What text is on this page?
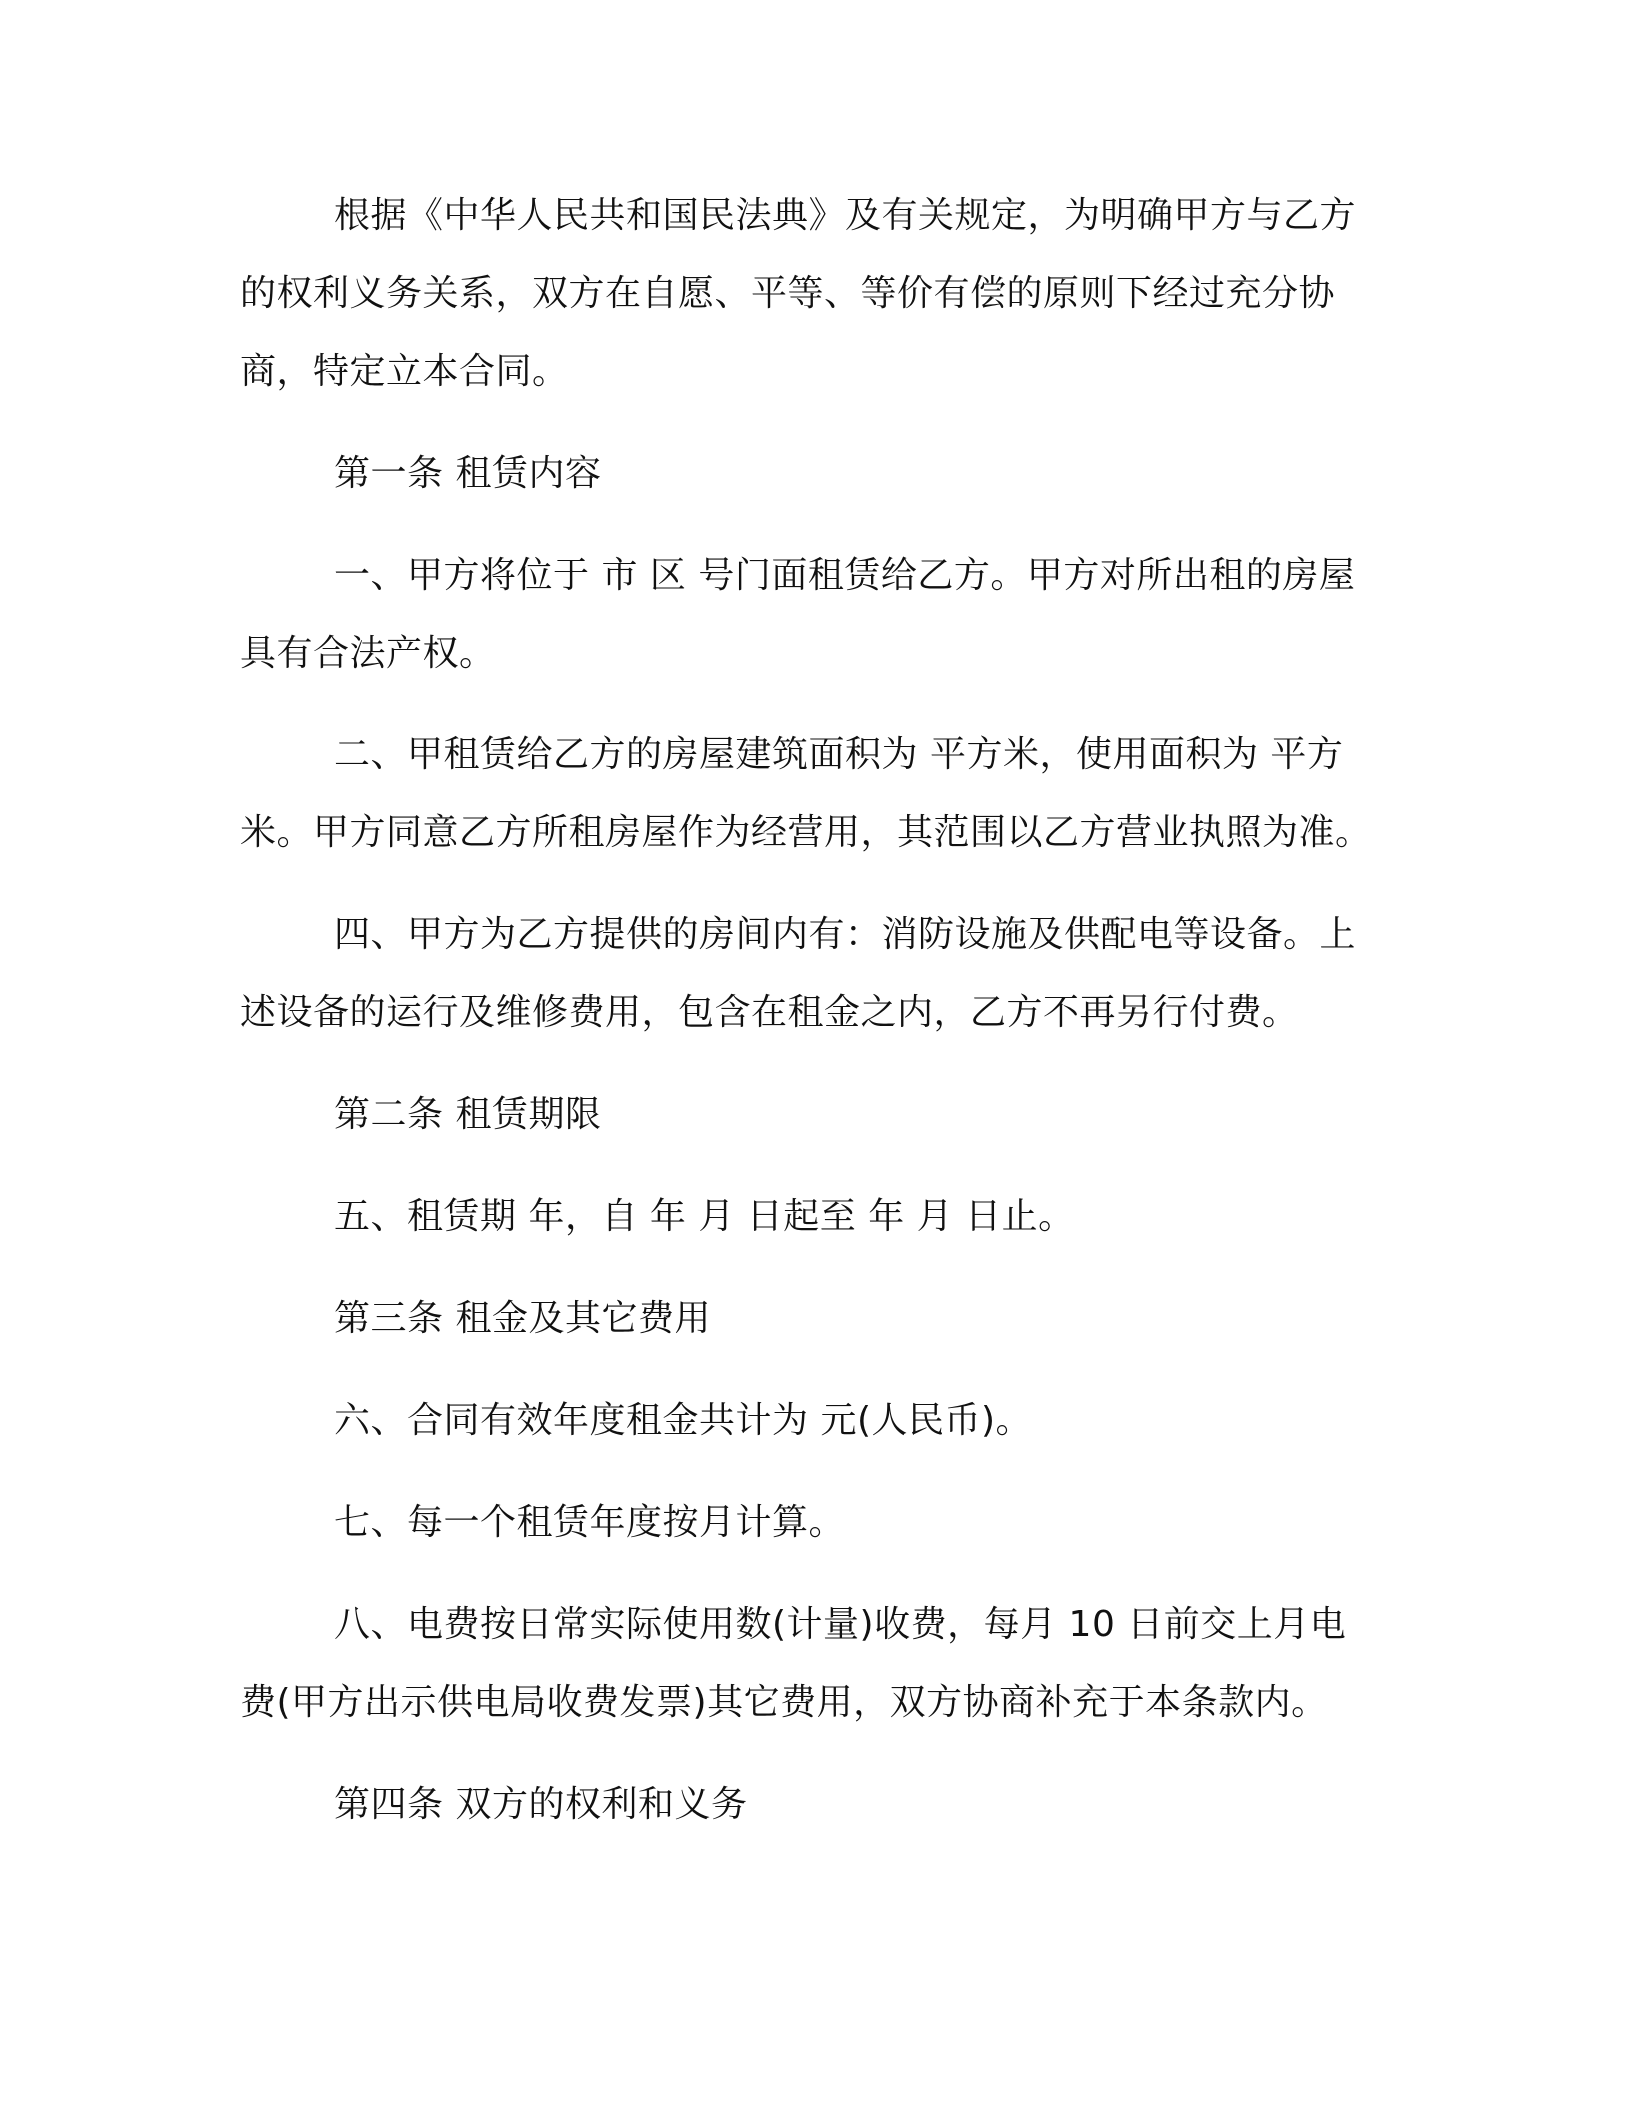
根据《中华人民共和国民法典》及有关规定，为明确甲方与乙方
的权利义务关系，双方在自愿、平等、等价有偿的原则下经过充分协
商，特定立本合同。
第一条 租赁内容
一、甲方将位于 市 区 号门面租赁给乙方。甲方对所出租的房屋
具有合法产权。
二、甲租赁给乙方的房屋建筑面积为 平方米，使用面积为 平方
米。甲方同意乙方所租房屋作为经营用，其范围以乙方营业执照为准。
四、甲方为乙方提供的房间内有：消防设施及供配电等设备。上
述设备的运行及维修费用，包含在租金之内，乙方不再另行付费。
第二条 租赁期限
五、租赁期 年，自 年 月 日起至 年 月 日止。
第三条 租金及其它费用
六、合同有效年度租金共计为 元(人民币)。
七、每一个租赁年度按月计算。
八、电费按日常实际使用数(计量)收费，每月 10 日前交上月电
费(甲方出示供电局收费发票)其它费用，双方协商补充于本条款内。
第四条 双方的权利和义务
